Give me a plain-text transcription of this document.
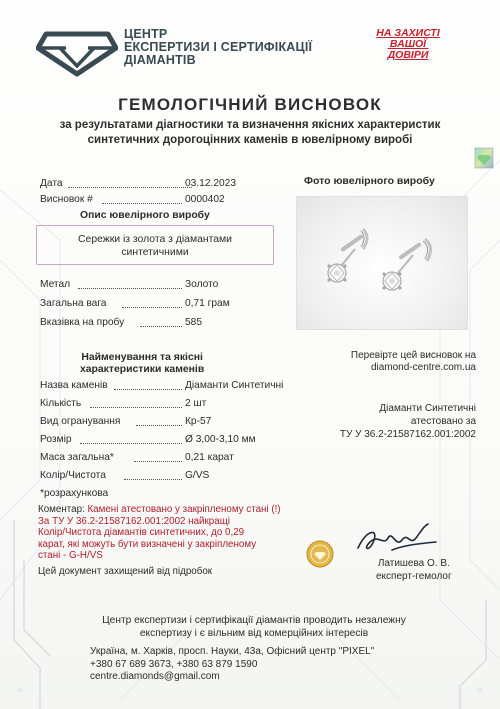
ЦЕНТР
ЕКСПЕРТИЗИ І СЕРТИФІКАЦІЇ
ДІАМАНТІВ
НА ЗАХИСТІ
ВАШОЇ
ДОВІРИ
ГЕМОЛОГІЧНИЙ ВИСНОВОК
за результатами діагностики та визначення якісних характеристик
синтетичних дорогоцінних каменів в ювелірному виробі
Дата	03.12.2023
Висновок #	0000402
Опис ювелірного виробу
Сережки із золота з діамантами
синтетичними
Фото ювелірного виробу
Метал	Золото
Загальна вага	0,71 грам
Вказівка на пробу	585
Найменування та якісні
характеристики каменів
Перевірте цей висновок на
diamond-centre.com.ua
Назва каменів	Діаманти Синтетичні
Кількість	2 шт
Вид огранування	Кр-57
Розмір	Ø 3,00-3,10 мм
Маса загальна*	0,21 карат
Колір/Чистота	G/VS
*розрахункова
Діаманти Синтетичні
атестовано за
ТУ У 36.2-21587162.001:2002
Коментар: Камені атестовано у закріпленому стані (!)
За ТУ У 36.2-21587162.001:2002 найкращі
Колір/Чистота діамантів синтетичних, до 0,29
карат, які можуть бути визначені у закріпленому
стані - G-H/VS
Цей документ захищений від підробок
Латишева О. В.
експерт-гемолог
Центр експертизи і сертифікації діамантів проводить незалежну
експертизу і є вільним від комерційних інтересів
Україна, м. Харків, просп. Науки, 43а, Офісний центр "PIXEL"
+380 67 689 3673, +380 63 879 1590
centre.diamonds@gmail.com
